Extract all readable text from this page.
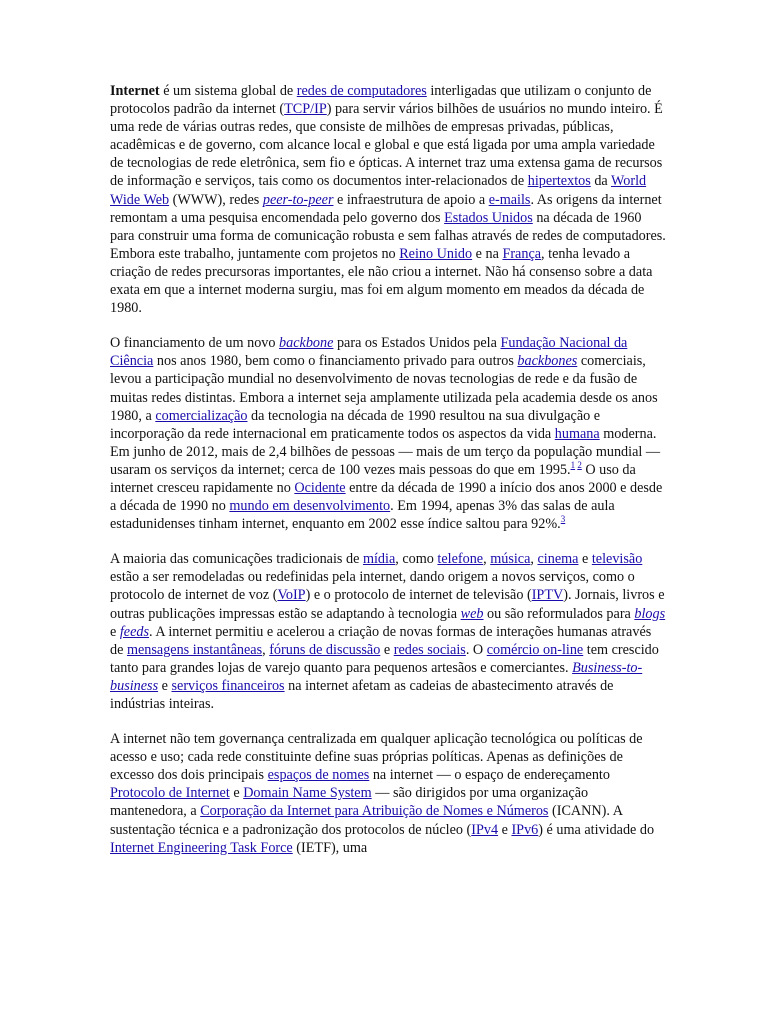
Internet é um sistema global de redes de computadores interligadas que utilizam o conjunto de protocolos padrão da internet (TCP/IP) para servir vários bilhões de usuários no mundo inteiro. É uma rede de várias outras redes, que consiste de milhões de empresas privadas, públicas, acadêmicas e de governo, com alcance local e global e que está ligada por uma ampla variedade de tecnologias de rede eletrônica, sem fio e ópticas. A internet traz uma extensa gama de recursos de informação e serviços, tais como os documentos inter-relacionados de hipertextos da World Wide Web (WWW), redes peer-to-peer e infraestrutura de apoio a e-mails. As origens da internet remontam a uma pesquisa encomendada pelo governo dos Estados Unidos na década de 1960 para construir uma forma de comunicação robusta e sem falhas através de redes de computadores. Embora este trabalho, juntamente com projetos no Reino Unido e na França, tenha levado a criação de redes precursoras importantes, ele não criou a internet. Não há consenso sobre a data exata em que a internet moderna surgiu, mas foi em algum momento em meados da década de 1980.

O financiamento de um novo backbone para os Estados Unidos pela Fundação Nacional da Ciência nos anos 1980, bem como o financiamento privado para outros backbones comerciais, levou a participação mundial no desenvolvimento de novas tecnologias de rede e da fusão de muitas redes distintas. Embora a internet seja amplamente utilizada pela academia desde os anos 1980, a comercialização da tecnologia na década de 1990 resultou na sua divulgação e incorporação da rede internacional em praticamente todos os aspectos da vida humana moderna. Em junho de 2012, mais de 2,4 bilhões de pessoas — mais de um terço da população mundial — usaram os serviços da internet; cerca de 100 vezes mais pessoas do que em 1995.$^{1 2}$ O uso da internet cresceu rapidamente no Ocidente entre da década de 1990 a início dos anos 2000 e desde a década de 1990 no mundo em desenvolvimento. Em 1994, apenas 3% das salas de aula estadunidenses tinham internet, enquanto em 2002 esse índice saltou para 92%.$^3$

A maioria das comunicações tradicionais de mídia, como telefone, música, cinema e televisão estão a ser remodeladas ou redefinidas pela internet, dando origem a novos serviços, como o protocolo de internet de voz (VoIP) e o protocolo de internet de televisão (IPTV). Jornais, livros e outras publicações impressas estão se adaptando à tecnologia web ou são reformulados para blogs e feeds. A internet permitiu e acelerou a criação de novas formas de interações humanas através de mensagens instantâneas, fóruns de discussão e redes sociais. O comércio on-line tem crescido tanto para grandes lojas de varejo quanto para pequenos artesãos e comerciantes. Business-to-business e serviços financeiros na internet afetam as cadeias de abastecimento através de indústrias inteiras.

A internet não tem governança centralizada em qualquer aplicação tecnológica ou políticas de acesso e uso; cada rede constituinte define suas próprias políticas. Apenas as definições de excesso dos dois principais espaços de nomes na internet — o espaço de endereçamento Protocolo de Internet e Domain Name System — são dirigidos por uma organização mantenedora, a Corporação da Internet para Atribuição de Nomes e Números (ICANN). A sustentação técnica e a padronização dos protocolos de núcleo (IPv4 e IPv6) é uma atividade do Internet Engineering Task Force (IETF), uma
